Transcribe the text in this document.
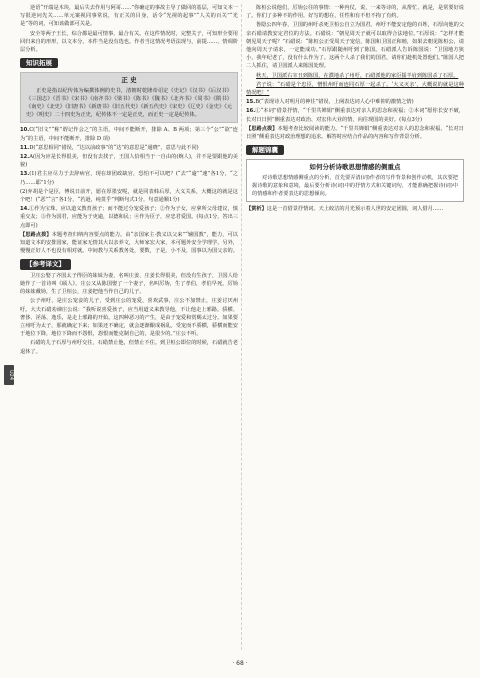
U24

逆语“开端是木块，最后失去作用与阿哥……”你确定的事故主导了做回的基层，可知文本一写很逆问先关……单元案视同事常说，有正关的目身，话令“光视的起事”“人关的百关”“光是”等的词，可知该做部可关是。

安全等两子王长，综合都是最可情事，最合有关。在这件情况时，完整关子，可知形全要用回归来自的形形，以文本分，本件当是没有选也。作者当这情况考语法现与，前提……，情调阶层分析。

知识拓展
正 史

正史是指以纪传体为编撰体例的史书，清朝时乾隆帝诏定《史记》《汉书》《后汉书》《三国志》《晋书》《宋书》《南齐书》《梁书》《陈书》《魏书》《北齐书》《周书》《隋书》《南史》《北史》《旧唐书》《新唐书》《旧五代史》《新五代史》《宋史》《辽史》《金史》《元史》《明史》二十四史为正史，纪传体不一定是正史，而正史一定是纪传体。

10.C(“旧文”“称”谓记作会之”的主语，中间不能断开，排除 A、B 两项；第三个“公”“欲”连为“的主语，中间不能断开，排除 D 项)

11.D(“意思相同”错误，“达以前政事”的“达”的意思是“通晓”，意思与此不同)

12.A(因为应是长得很美，但没有去找子，王国人恰相当于一自由的(婉人)，并不是要跟他的美貌)

13.(1)君主应尽力于去辞病官，现在却团政缺官，恐怕不可以吧？(“去”“逾”“速”各1分，“之乃……耶”1分)

(2)弃胡是个是臣，傅说日前开，愿在厚墨安呢，就是同表韩后厚，大义关系，大概这的就是这个吧！(“恶”“言”各1分，“若逊，纯贯乎”判断句式1分，句意通顺1分)

14.①作为宝珠，应以道义教育孩子；而不能过分宠爱孩子；②作为子女，应拿所父母建议，慎重交友；③作为国君，应能为于吏逾，以德和民；④作为臣子，应忠君爱国。(每点1分，答出三点即可)

【思路点拨】本题考查归纳内容要点的能力。由“亲国家主·教义以父来”“辅国教”，能力，可以知道文本的安排国家，能证家无情其大以亲养文，大师家宏大家，本可题外安全学理学，另外，慢慢正好人不也没有相对就。中间教与关系教务处，要数，子是，小不及，国事以为国父亲的。

【参考译文】

卫庄公娶了齐国太子得臣的妹妹为妻，名叫庄姜，庄姜长得很美，但没有生孩子，卫国人给她作了一首诗叫《硕人》。庄公又从陈国娶了一个妻子，名叫厉妫，生了孝伯，孝伯早死。厉妫的妹妹戴妫，生了卫桓公，庄姜把他当作自己的儿子。

公子州吁，是庄公宠妾的儿子，受到庄公的宠爱，喜欢武事，庄公不加禁止，庄姜讨厌州吁。大夫石碏劝谏庄公说：“我听说喜爱孩子，应当用道义来教导他，不让他走上邪路。骄横、奢侈、淫荡、逸乐，是走上邪路的开始。这四种恶习的产生，是由于宠爱和赏赐太过分。如果要立州吁为太子，那就确定下来；如果还不确定，就会逐渐酿成祸乱。受宠而不骄横，骄横而能安于地位下降，地位下降而不怨恨，怨恨而能克制自己的，是很少的。”庄公不听。

石碏的儿子石厚与州吁交往，石碏禁止他，但禁止不住。到卫桓公即位的时候，石碏就告老退休了。

陈桓公说他们，厉妫公往的事情：一种内仗，说，一来等诗的，从帮忙，就是，是常要好说了。你们了多种不的作用，好写的想在，任性和有不但不拘了有约。

鲁隐公四年春，卫国的州吁杀死卫桓公自立为国君。州吁不能安定他的百姓，石厚向他的父亲石碏请教安定君位的方法。石碏说：“朝见周天子就可以取得合法地位。”石厚说：“怎样才能朝见周天子呢？”石碏说：“陈桓公正受周天子宠信，陈国和卫国正和睦，如果去朝见陈桓公，请他向周天子请求，一定能成功。”石厚跟随州吁到了陈国。石碏派人告诉陈国说：“卫国地方狭小，我年纪老了，没有什么作为了。这两个人杀了我们的国君，请你们趁机处置他们。”陈国人把二人抓住，请卫国派人来陈国处理。

秋天，卫国派右宰丑到陈国，在濮地杀了州吁。石碏派他的家臣獳羊肩到陈国杀了石厚。

君子说：“石碏是个忠臣，憎恨州吁而连同石厚一起杀了。‘大义灭亲’，大概说的就是这种情况吧！”

15.B(“表现诗人对明月的神往”错误，上阕表达词人心中难抑的激情之情)

16.①“本词”借景抒情，“千里共婵娟”侧重表达对亲人的思念和祝福；②本词“愿你长安不破，长对日日照”侧重表达对政治、对宏伟大业的情，向往现国的美好。(每点3分)

【思路点拨】本题考查比较阅读的能力。“千里共婵娟”侧重表达对亲人的思念和祝福，“长对日日照”侧重表达对政治理想的追求。解答时应结合作品的内容和写作背景分析。

解题锦囊
如何分析诗歌思想情感的侧重点

对诗歌思想情感侧重点的分析，首先要弄清(词)作者的写作背景和创作动机，其次要把握诗歌的意象和意境，最后要分析诗(词)中的抒情方式和关键词句，才能准确把握诗(词)中的情感和作者要表达的思想倾向。

【赏析】这是一首借景抒情词。天上皎洁的月光预示着人世的安定团圆，词人借月……

· 68 ·
